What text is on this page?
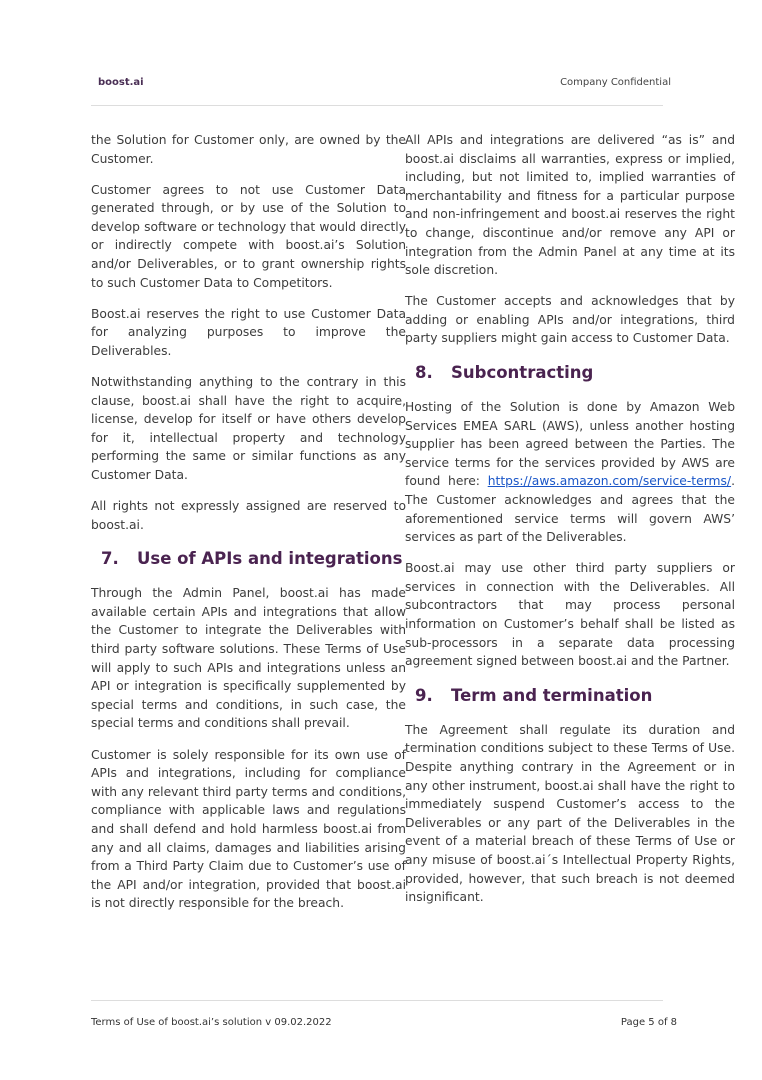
boost.ai	Company Confidential

the Solution for Customer only, are owned by the Customer.

Customer agrees to not use Customer Data generated through, or by use of the Solution to develop software or technology that would directly or indirectly compete with boost.ai’s Solution and/or Deliverables, or to grant ownership rights to such Customer Data to Competitors.

Boost.ai reserves the right to use Customer Data for analyzing purposes to improve the Deliverables.

Notwithstanding anything to the contrary in this clause, boost.ai shall have the right to acquire, license, develop for itself or have others develop for it, intellectual property and technology performing the same or similar functions as any Customer Data.

All rights not expressly assigned are reserved to boost.ai.

7. Use of APIs and integrations

Through the Admin Panel, boost.ai has made available certain APIs and integrations that allow the Customer to integrate the Deliverables with third party software solutions. These Terms of Use will apply to such APIs and integrations unless an API or integration is specifically supplemented by special terms and conditions, in such case, the special terms and conditions shall prevail.

Customer is solely responsible for its own use of APIs and integrations, including for compliance with any relevant third party terms and conditions, compliance with applicable laws and regulations and shall defend and hold harmless boost.ai from any and all claims, damages and liabilities arising from a Third Party Claim due to Customer’s use of the API and/or integration, provided that boost.ai is not directly responsible for the breach.

All APIs and integrations are delivered “as is” and boost.ai disclaims all warranties, express or implied, including, but not limited to, implied warranties of merchantability and fitness for a particular purpose and non-infringement and boost.ai reserves the right to change, discontinue and/or remove any API or integration from the Admin Panel at any time at its sole discretion.

The Customer accepts and acknowledges that by adding or enabling APIs and/or integrations, third party suppliers might gain access to Customer Data.

8. Subcontracting

Hosting of the Solution is done by Amazon Web Services EMEA SARL (AWS), unless another hosting supplier has been agreed between the Parties. The service terms for the services provided by AWS are found here: https://aws.amazon.com/service-terms/. The Customer acknowledges and agrees that the aforementioned service terms will govern AWS’ services as part of the Deliverables.

Boost.ai may use other third party suppliers or services in connection with the Deliverables. All subcontractors that may process personal information on Customer’s behalf shall be listed as sub-processors in a separate data processing agreement signed between boost.ai and the Partner.

9. Term and termination

The Agreement shall regulate its duration and termination conditions subject to these Terms of Use. Despite anything contrary in the Agreement or in any other instrument, boost.ai shall have the right to immediately suspend Customer’s access to the Deliverables or any part of the Deliverables in the event of a material breach of these Terms of Use or any misuse of boost.ai´s Intellectual Property Rights, provided, however, that such breach is not deemed insignificant.

Terms of Use of boost.ai’s solution v 09.02.2022	Page 5 of 8
